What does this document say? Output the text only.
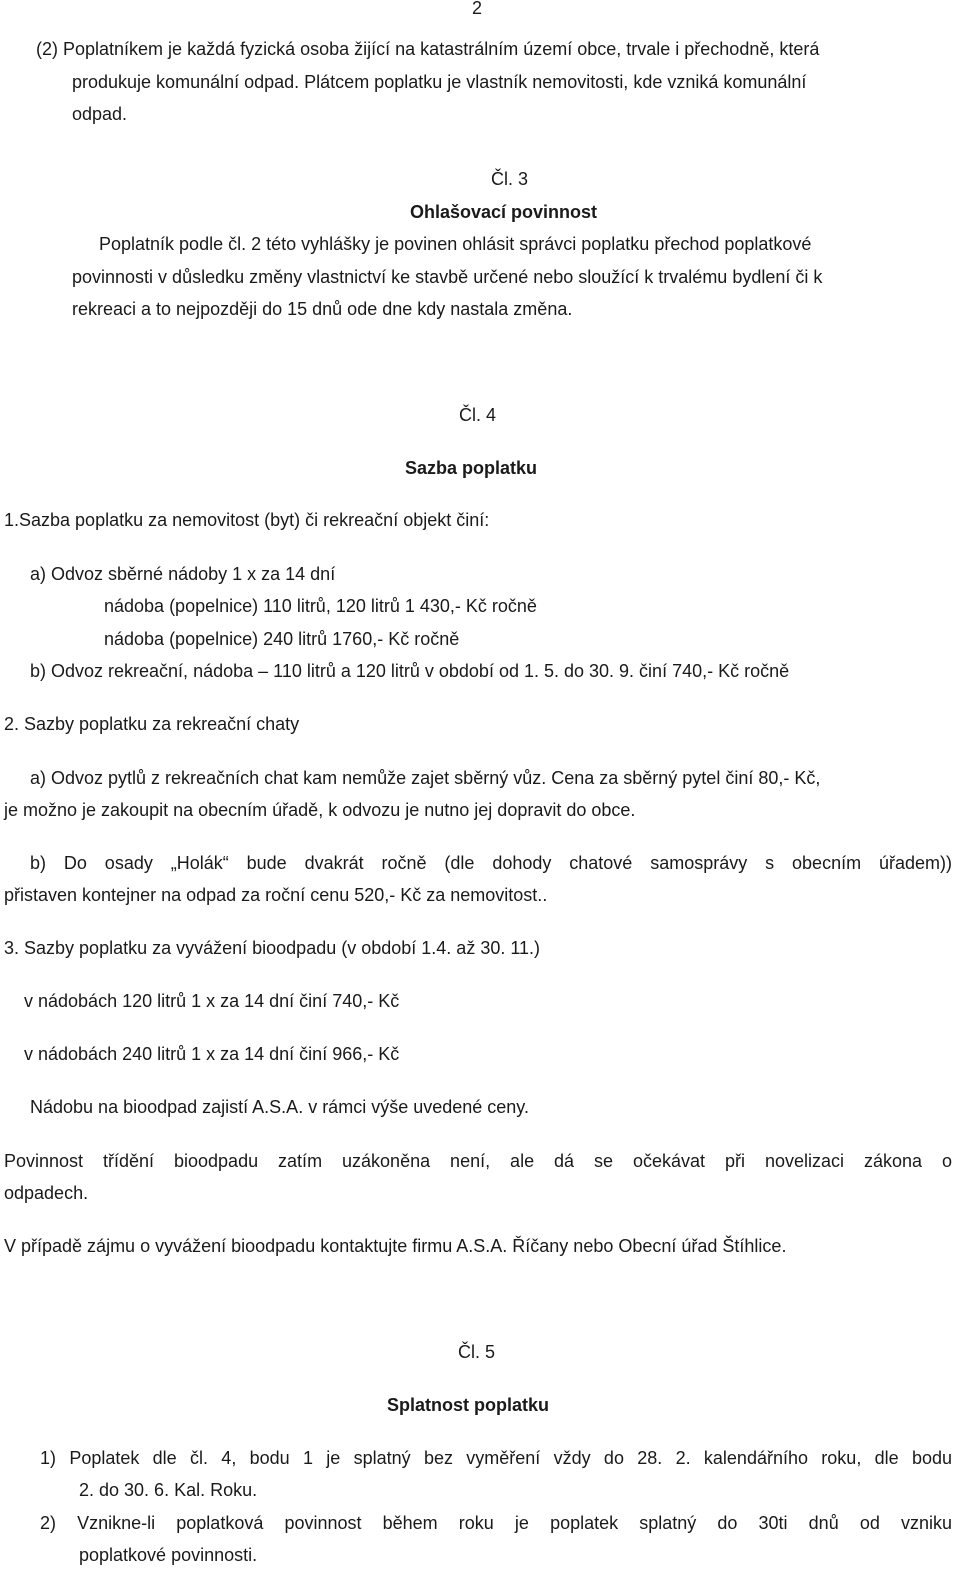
2
(2) Poplatníkem je každá fyzická osoba žijící na katastrálním území obce, trvale i přechodně, která
produkuje komunální odpad. Plátcem poplatku je vlastník nemovitosti, kde vzniká komunální
odpad.
Čl. 3
Ohlašovací povinnost
Poplatník podle čl. 2 této vyhlášky je povinen ohlásit správci poplatku přechod poplatkové
povinnosti v důsledku změny vlastnictví ke stavbě určené nebo sloužící k trvalému bydlení či k
rekreaci a to nejpozději do 15 dnů ode dne kdy nastala změna.
Čl. 4
Sazba poplatku
1.Sazba poplatku za nemovitost (byt) či rekreační objekt činí:
a) Odvoz sběrné nádoby 1 x za 14 dní
nádoba (popelnice) 110 litrů, 120 litrů 1 430,- Kč ročně
nádoba (popelnice) 240 litrů 1760,- Kč ročně
b) Odvoz rekreační, nádoba – 110 litrů a 120 litrů v období od 1. 5. do 30. 9. činí 740,- Kč ročně
2. Sazby poplatku za rekreační chaty
a) Odvoz pytlů z rekreačních chat kam nemůže zajet sběrný vůz. Cena za sběrný pytel činí 80,- Kč,
je možno je zakoupit na obecním úřadě, k odvozu je nutno jej dopravit do obce.
b) Do osady „Holák“ bude dvakrát ročně (dle dohody chatové samosprávy s obecním úřadem))
přistaven kontejner na odpad za roční cenu 520,- Kč za nemovitost..
3. Sazby poplatku za vyvážení bioodpadu (v období 1.4. až 30. 11.)
v nádobách 120 litrů 1 x za 14 dní činí 740,- Kč
v nádobách 240 litrů 1 x za 14 dní činí 966,- Kč
Nádobu na bioodpad zajistí A.S.A. v rámci výše uvedené ceny.
Povinnost třídění bioodpadu zatím uzákoněna není, ale dá se očekávat při novelizaci zákona o
odpadech.
V případě zájmu o vyvážení bioodpadu kontaktujte firmu A.S.A. Říčany nebo Obecní úřad Štíhlice.
Čl. 5
Splatnost poplatku
1) Poplatek dle čl. 4, bodu 1 je splatný bez vyměření vždy do 28. 2. kalendářního roku, dle bodu
2. do 30. 6. Kal. Roku.
2) Vznikne-li poplatková povinnost během roku je poplatek splatný do 30ti dnů od vzniku
poplatkové povinnosti.
